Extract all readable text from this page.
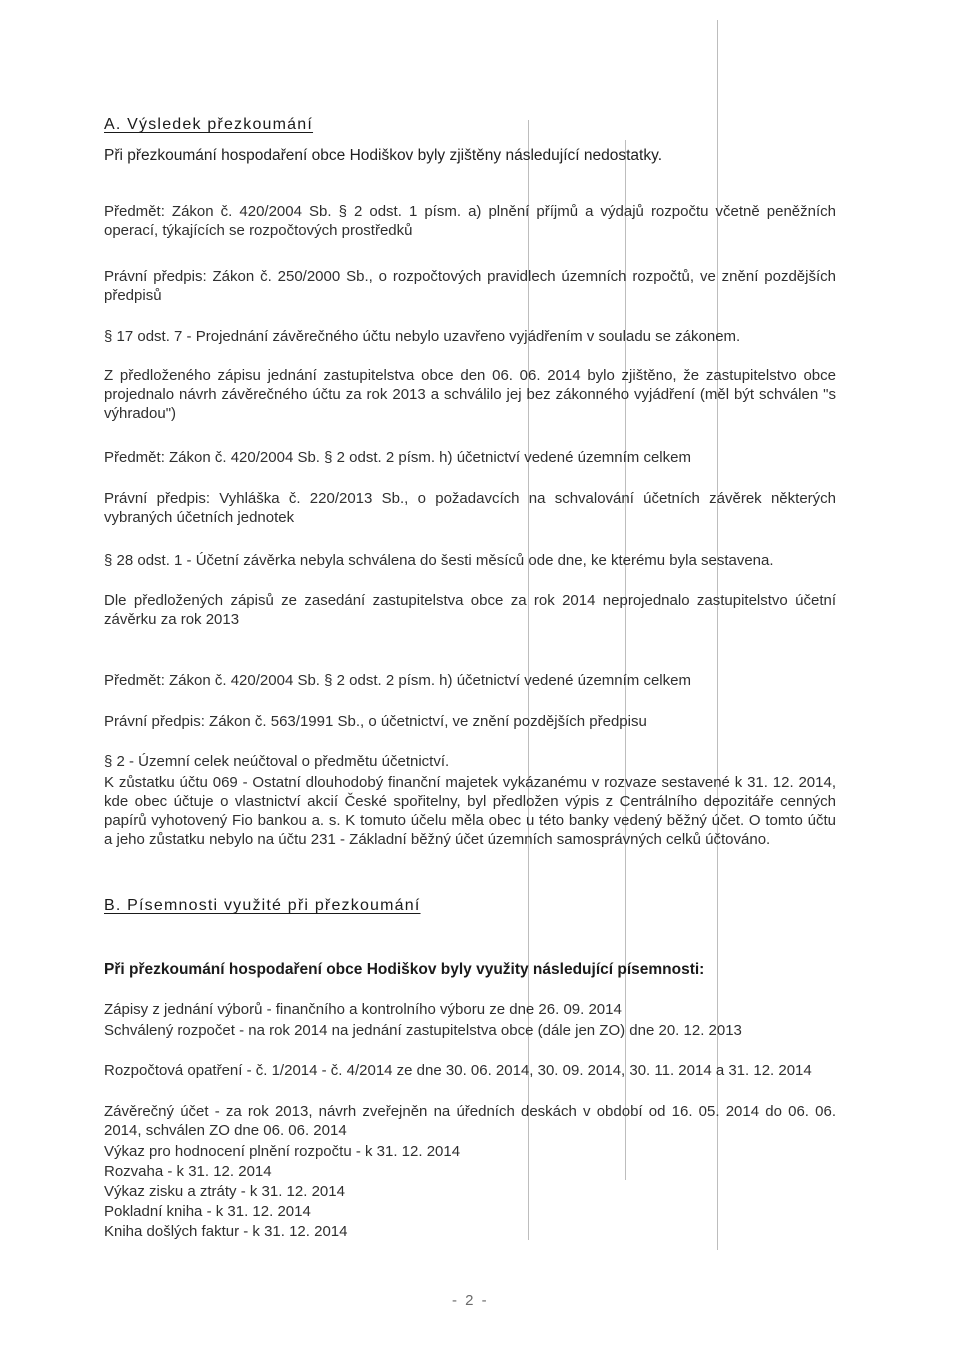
A. Výsledek přezkoumání
Při přezkoumání hospodaření obce Hodiškov byly zjištěny následující nedostatky.
Předmět: Zákon č. 420/2004 Sb. § 2 odst. 1 písm. a) plnění příjmů a výdajů rozpočtu včetně peněžních operací, týkajících se rozpočtových prostředků
Právní předpis: Zákon č. 250/2000 Sb., o rozpočtových pravidlech územních rozpočtů, ve znění pozdějších předpisů
§ 17 odst. 7 - Projednání závěrečného účtu nebylo uzavřeno vyjádřením v souladu se zákonem.
Z předloženého zápisu jednání zastupitelstva obce den 06. 06. 2014 bylo zjištěno, že zastupitelstvo obce projednalo návrh závěrečného účtu za rok 2013 a schválilo jej bez zákonného vyjádření (měl být schválen "s výhradou")
Předmět: Zákon č. 420/2004 Sb. § 2 odst. 2 písm. h) účetnictví vedené územním celkem
Právní předpis: Vyhláška č. 220/2013 Sb., o požadavcích na schvalování účetních závěrek některých vybraných účetních jednotek
§ 28 odst. 1 - Účetní závěrka nebyla schválena do šesti měsíců ode dne, ke kterému byla sestavena.
Dle předložených zápisů ze zasedání zastupitelstva obce za rok 2014 neprojednalo zastupitelstvo účetní závěrku za rok 2013
Předmět: Zákon č. 420/2004 Sb. § 2 odst. 2 písm. h) účetnictví vedené územním celkem
Právní předpis: Zákon č. 563/1991 Sb., o účetnictví, ve znění pozdějších předpisu
§ 2 - Územní celek neúčtoval o předmětu účetnictví.
K zůstatku účtu 069 - Ostatní dlouhodobý finanční majetek vykázanému v rozvaze sestavené k 31. 12. 2014, kde obec účtuje o vlastnictví akcií České spořitelny, byl předložen výpis z Centrálního depozitáře cenných papírů vyhotovený Fio bankou a. s. K tomuto účelu měla obec u této banky vedený běžný účet. O tomto účtu a jeho zůstatku nebylo na účtu 231 - Základní běžný účet územních samosprávných celků účtováno.
B. Písemnosti využité při přezkoumání
Při přezkoumání hospodaření obce Hodiškov byly využity následující písemnosti:
Zápisy z jednání výborů - finančního a kontrolního výboru ze dne 26. 09. 2014
Schválený rozpočet - na rok 2014 na jednání zastupitelstva obce (dále jen ZO) dne 20. 12. 2013
Rozpočtová opatření - č. 1/2014 - č. 4/2014 ze dne 30. 06. 2014, 30. 09. 2014, 30. 11. 2014 a 31. 12. 2014
Závěrečný účet - za rok 2013, návrh zveřejněn na úředních deskách v období od 16. 05. 2014 do 06. 06. 2014, schválen ZO dne 06. 06. 2014
Výkaz pro hodnocení plnění rozpočtu - k 31. 12. 2014
Rozvaha - k 31. 12. 2014
Výkaz zisku a ztráty - k 31. 12. 2014
Pokladní kniha - k 31. 12. 2014
Kniha došlých faktur - k 31. 12. 2014
- 2 -
